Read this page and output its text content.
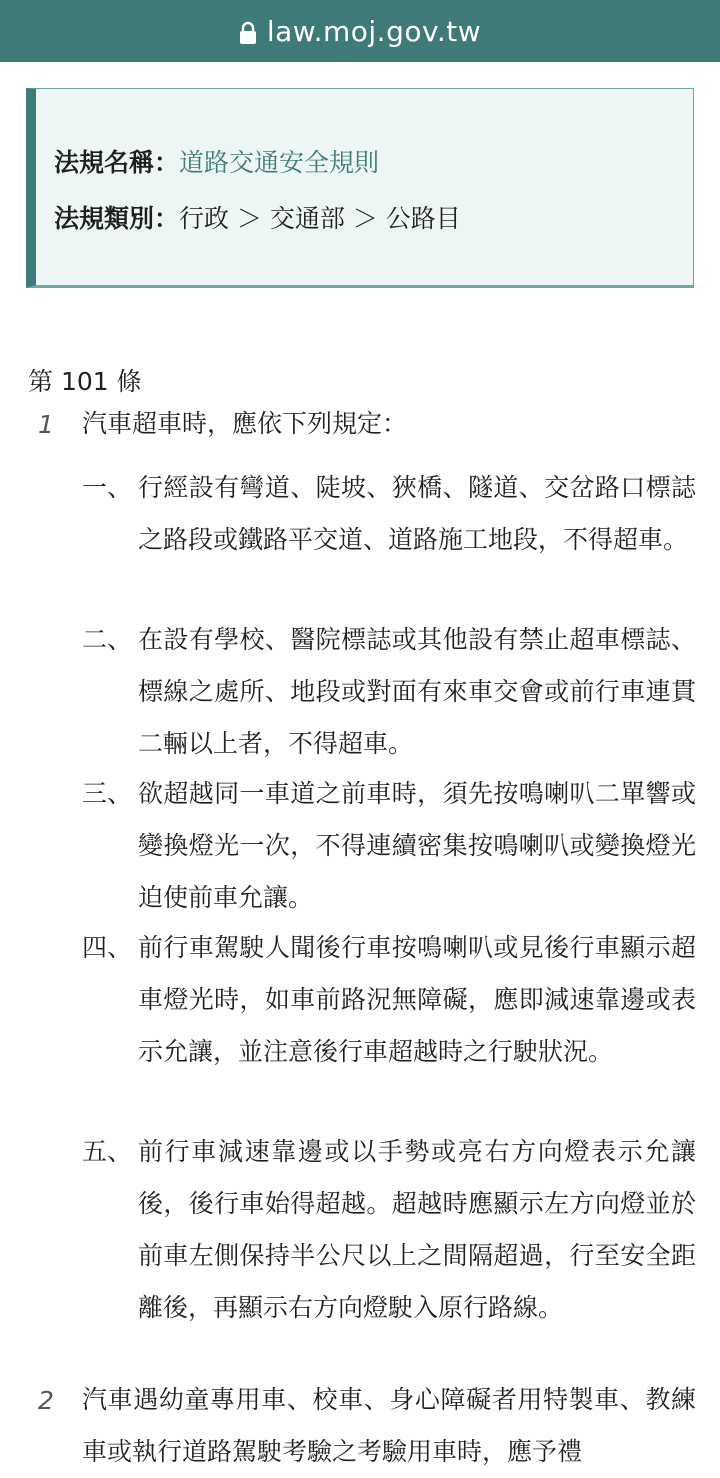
law.moj.gov.tw
法規名稱：道路交通安全規則
法規類別：行政 ＞ 交通部 ＞ 公路目
第 101 條
1 汽車超車時，應依下列規定：
一、 行經設有彎道、陡坡、狹橋、隧道、交岔路口標誌之路段或鐵路平交道、道路施工地段，不得超車。
二、 在設有學校、醫院標誌或其他設有禁止超車標誌、標線之處所、地段或對面有來車交會或前行車連貫二輛以上者，不得超車。
三、 欲超越同一車道之前車時，須先按鳴喇叭二單響或變換燈光一次，不得連續密集按鳴喇叭或變換燈光迫使前車允讓。
四、 前行車駕駛人聞後行車按鳴喇叭或見後行車顯示超車燈光時，如車前路況無障礙，應即減速靠邊或表示允讓，並注意後行車超越時之行駛狀況。
五、 前行車減速靠邊或以手勢或亮右方向燈表示允讓後，後行車始得超越。超越時應顯示左方向燈並於前車左側保持半公尺以上之間隔超過，行至安全距離後，再顯示右方向燈駛入原行路線。
2 汽車遇幼童專用車、校車、身心障礙者用特製車、教練車或執行道路駕駛考驗之考驗用車時，應予禮
